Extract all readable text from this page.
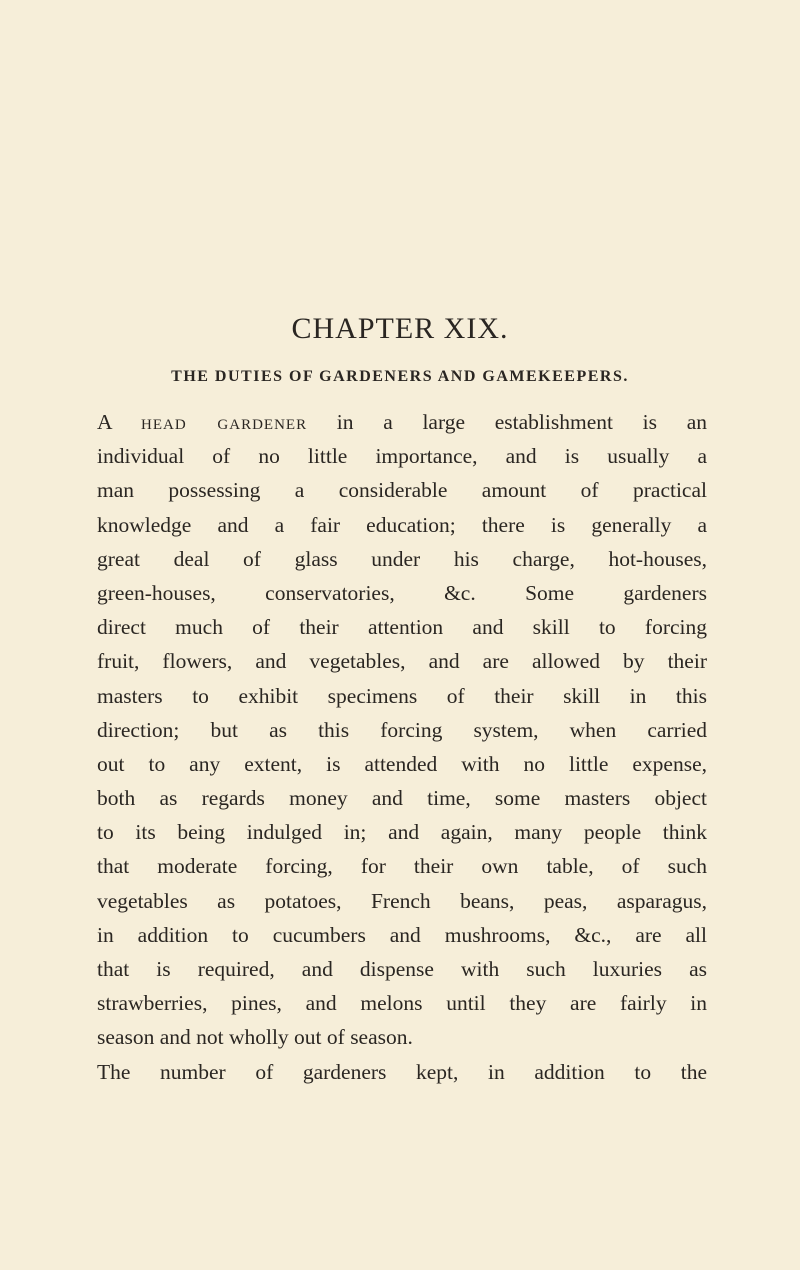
CHAPTER XIX.
THE DUTIES OF GARDENERS AND GAMEKEEPERS.
A head gardener in a large establishment is an
individual of no little importance, and is usually a
man possessing a considerable amount of practical
knowledge and a fair education; there is generally a
great deal of glass under his charge, hot-houses,
green-houses, conservatories, &c. Some gardeners
direct much of their attention and skill to forcing
fruit, flowers, and vegetables, and are allowed by their
masters to exhibit specimens of their skill in this
direction; but as this forcing system, when carried
out to any extent, is attended with no little expense,
both as regards money and time, some masters object
to its being indulged in; and again, many people think
that moderate forcing, for their own table, of such
vegetables as potatoes, French beans, peas, asparagus,
in addition to cucumbers and mushrooms, &c., are all
that is required, and dispense with such luxuries as
strawberries, pines, and melons until they are fairly in
season and not wholly out of season.
The number of gardeners kept, in addition to the
